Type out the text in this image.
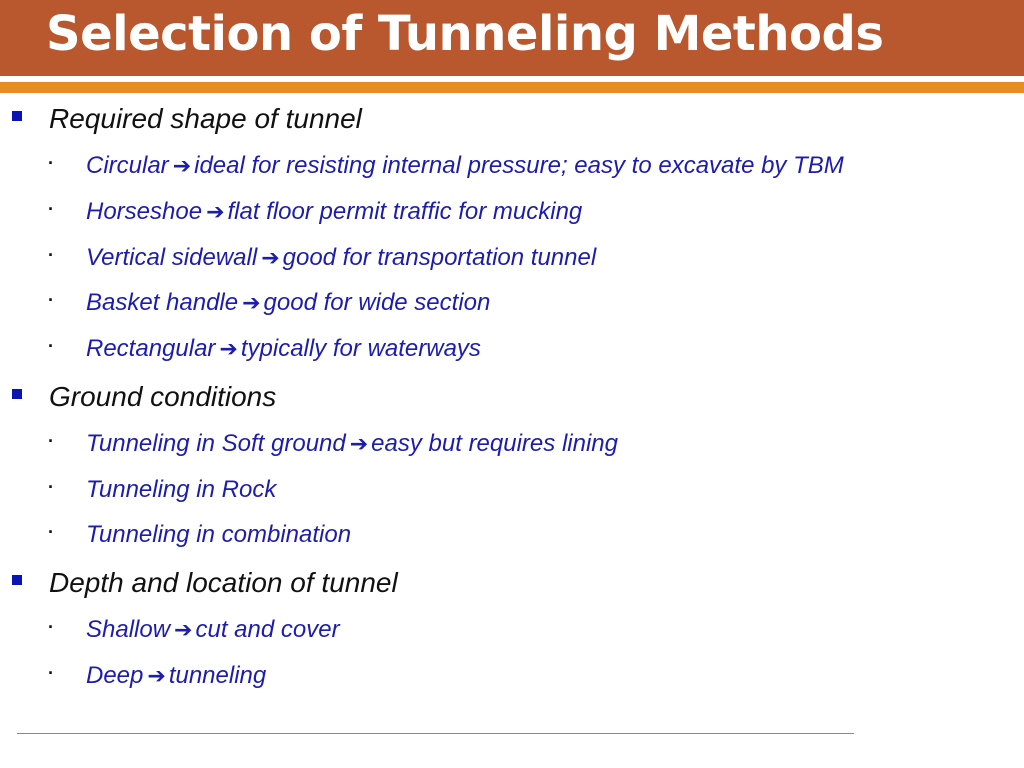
Selection of Tunneling Methods
Required shape of tunnel
· Circular ➔ ideal for resisting internal pressure; easy to excavate by TBM
· Horseshoe ➔ flat floor permit traffic for mucking
· Vertical sidewall ➔ good for transportation tunnel
· Basket handle ➔ good for wide section
· Rectangular ➔ typically for waterways
Ground conditions
· Tunneling in Soft ground ➔ easy but requires lining
· Tunneling in Rock
· Tunneling in combination
Depth and location of tunnel
· Shallow ➔ cut and cover
· Deep ➔ tunneling
